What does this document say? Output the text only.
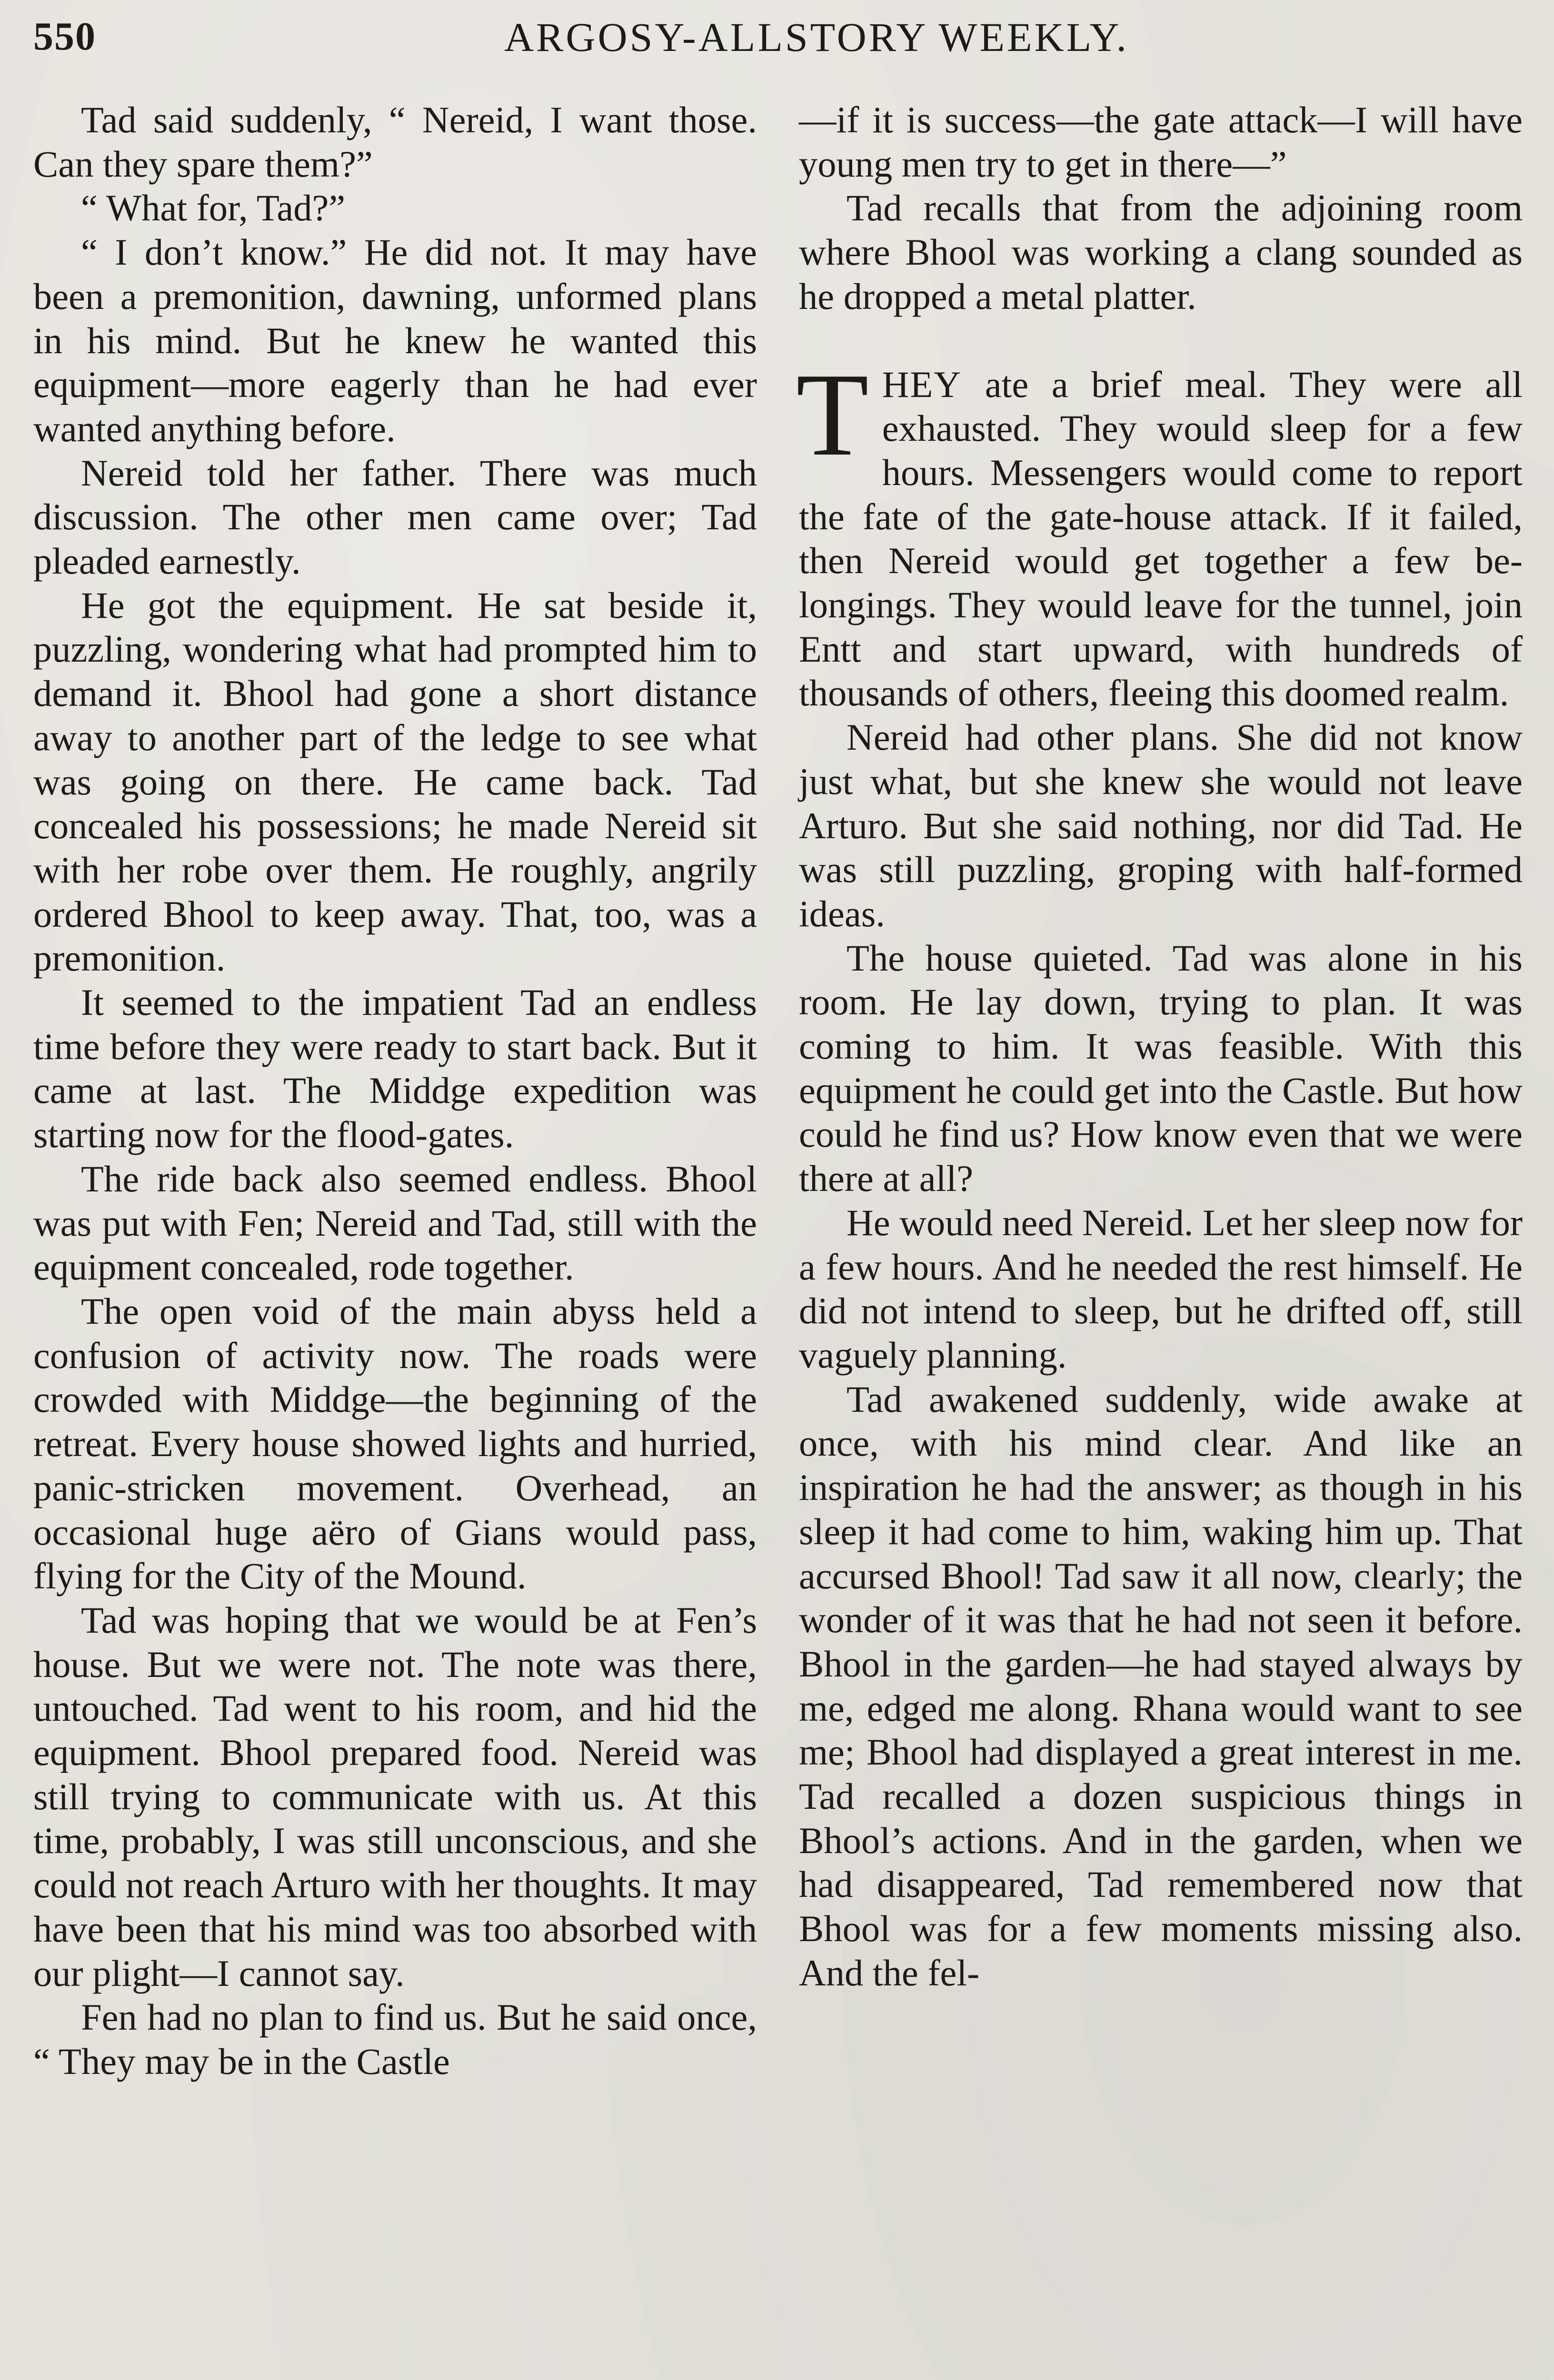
550	ARGOSY-ALLSTORY WEEKLY.

Tad said suddenly, “ Nereid, I want those. Can they spare them?”

“ What for, Tad?”

“ I don’t know.” He did not. It may have been a premonition, dawning, unformed plans in his mind. But he knew he wanted this equipment—more eagerly than he had ever wanted anything before.

Nereid told her father. There was much discussion. The other men came over; Tad pleaded earnestly.

He got the equipment. He sat beside it, puzzling, wondering what had prompted him to demand it. Bhool had gone a short distance away to another part of the ledge to see what was going on there. He came back. Tad concealed his possessions; he made Nereid sit with her robe over them. He roughly, angrily ordered Bhool to keep away. That, too, was a premonition.

It seemed to the impatient Tad an endless time before they were ready to start back. But it came at last. The Middge expedition was starting now for the flood-gates.

The ride back also seemed endless. Bhool was put with Fen; Nereid and Tad, still with the equipment concealed, rode together.

The open void of the main abyss held a confusion of activity now. The roads were crowded with Middge—the beginning of the retreat. Every house showed lights and hurried, panic-stricken movement. Overhead, an occasional huge aëro of Gians would pass, flying for the City of the Mound.

Tad was hoping that we would be at Fen’s house. But we were not. The note was there, untouched. Tad went to his room, and hid the equipment. Bhool prepared food. Nereid was still trying to communicate with us. At this time, probably, I was still unconscious, and she could not reach Arturo with her thoughts. It may have been that his mind was too absorbed with our plight—I cannot say.

Fen had no plan to find us. But he said once, “ They may be in the Castle

—if it is success—the gate attack—I will have young men try to get in there—”

Tad recalls that from the adjoining room where Bhool was working a clang sounded as he dropped a metal platter.

THEY ate a brief meal. They were all exhausted. They would sleep for a few hours. Messengers would come to report the fate of the gate-house attack. If it failed, then Nereid would get together a few belongings. They would leave for the tunnel, join Entt and start upward, with hundreds of thousands of others, fleeing this doomed realm.

Nereid had other plans. She did not know just what, but she knew she would not leave Arturo. But she said nothing, nor did Tad. He was still puzzling, groping with half-formed ideas.

The house quieted. Tad was alone in his room. He lay down, trying to plan. It was coming to him. It was feasible. With this equipment he could get into the Castle. But how could he find us? How know even that we were there at all?

He would need Nereid. Let her sleep now for a few hours. And he needed the rest himself. He did not intend to sleep, but he drifted off, still vaguely planning.

Tad awakened suddenly, wide awake at once, with his mind clear. And like an inspiration he had the answer; as though in his sleep it had come to him, waking him up. That accursed Bhool! Tad saw it all now, clearly; the wonder of it was that he had not seen it before. Bhool in the garden—he had stayed always by me, edged me along. Rhana would want to see me; Bhool had displayed a great interest in me. Tad recalled a dozen suspicious things in Bhool’s actions. And in the garden, when we had disappeared, Tad remembered now that Bhool was for a few moments missing also. And the fel-
